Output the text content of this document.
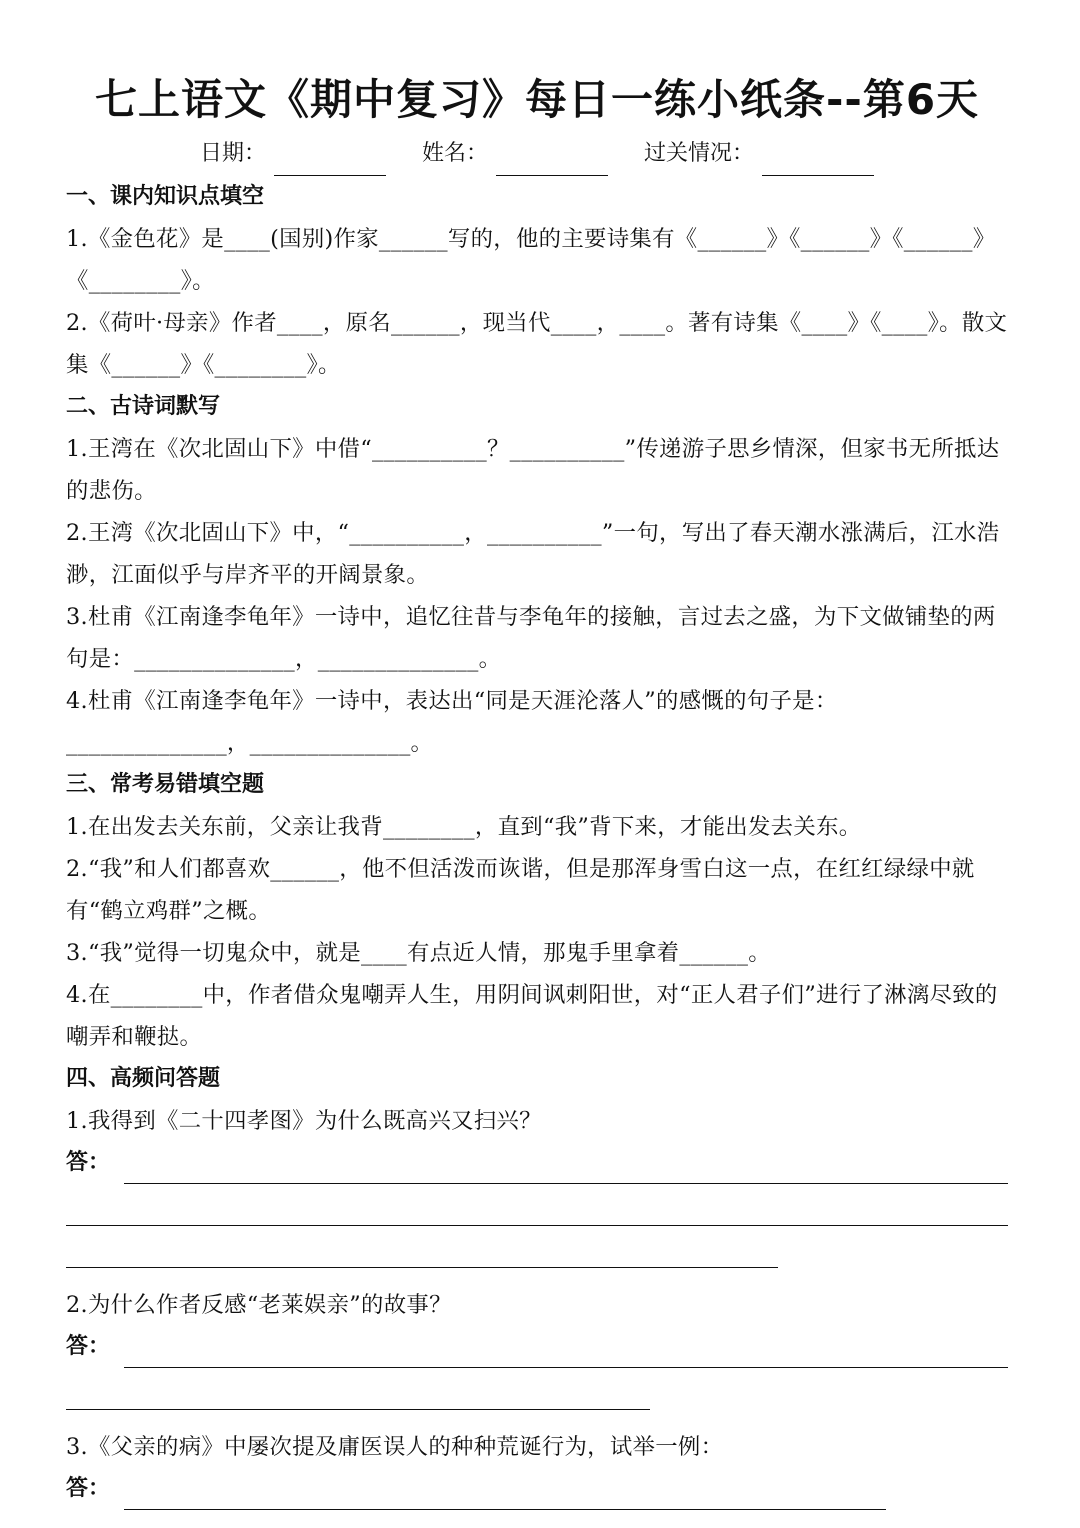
七上语文《期中复习》每日一练小纸条--第6天
日期：	姓名：	过关情况：
一、课内知识点填空

1.《金色花》是____(国别)作家______写的，他的主要诗集有《______》《______》《______》《________》。

2.《荷叶·母亲》作者____，原名______，现当代____，____。著有诗集《____》《____》。散文集《______》《________》。

二、古诗词默写

1.王湾在《次北固山下》中借“__________？__________”传递游子思乡情深，但家书无所抵达的悲伤。

2.王湾《次北固山下》中，“__________，__________”一句，写出了春天潮水涨满后，江水浩渺，江面似乎与岸齐平的开阔景象。

3.杜甫《江南逢李龟年》一诗中，追忆往昔与李龟年的接触，言过去之盛，为下文做铺垫的两句是：______________，______________。

4.杜甫《江南逢李龟年》一诗中，表达出“同是天涯沦落人”的感慨的句子是：______________，______________。

三、常考易错填空题

1.在出发去关东前，父亲让我背________，直到“我”背下来，才能出发去关东。

2.“我”和人们都喜欢______，他不但活泼而诙谐，但是那浑身雪白这一点，在红红绿绿中就有“鹤立鸡群”之概。

3.“我”觉得一切鬼众中，就是____有点近人情，那鬼手里拿着______。

4.在________中，作者借众鬼嘲弄人生，用阴间讽刺阳世，对“正人君子们”进行了淋漓尽致的嘲弄和鞭挞。

四、高频问答题

1.我得到《二十四孝图》为什么既高兴又扫兴？

答：

2.为什么作者反感“老莱娱亲”的故事？

答：

3.《父亲的病》中屡次提及庸医误人的种种荒诞行为，试举一例：

答：
